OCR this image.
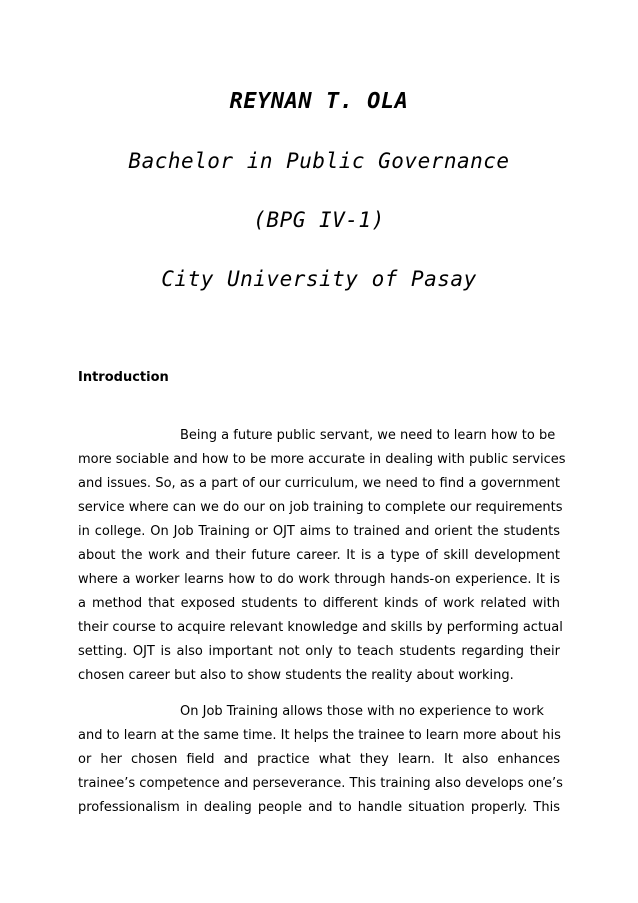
REYNAN T. OLA
Bachelor in Public Governance
(BPG IV-1)
City University of Pasay
Introduction
Being a future public servant, we need to learn how to be
more sociable and how to be more accurate in dealing with public services
and issues. So, as a part of our curriculum, we need to find a government
service where can we do our on job training to complete our requirements
in college. On Job Training or OJT aims to trained and orient the students
about the work and their future career. It is a type of skill development
where a worker learns how to do work through hands-on experience. It is
a method that exposed students to different kinds of work related with
their course to acquire relevant knowledge and skills by performing actual
setting. OJT is also important not only to teach students regarding their
chosen career but also to show students the reality about working.
On Job Training allows those with no experience to work
and to learn at the same time. It helps the trainee to learn more about his
or her chosen field and practice what they learn. It also enhances
trainee’s competence and perseverance. This training also develops one’s
professionalism in dealing people and to handle situation properly. This
